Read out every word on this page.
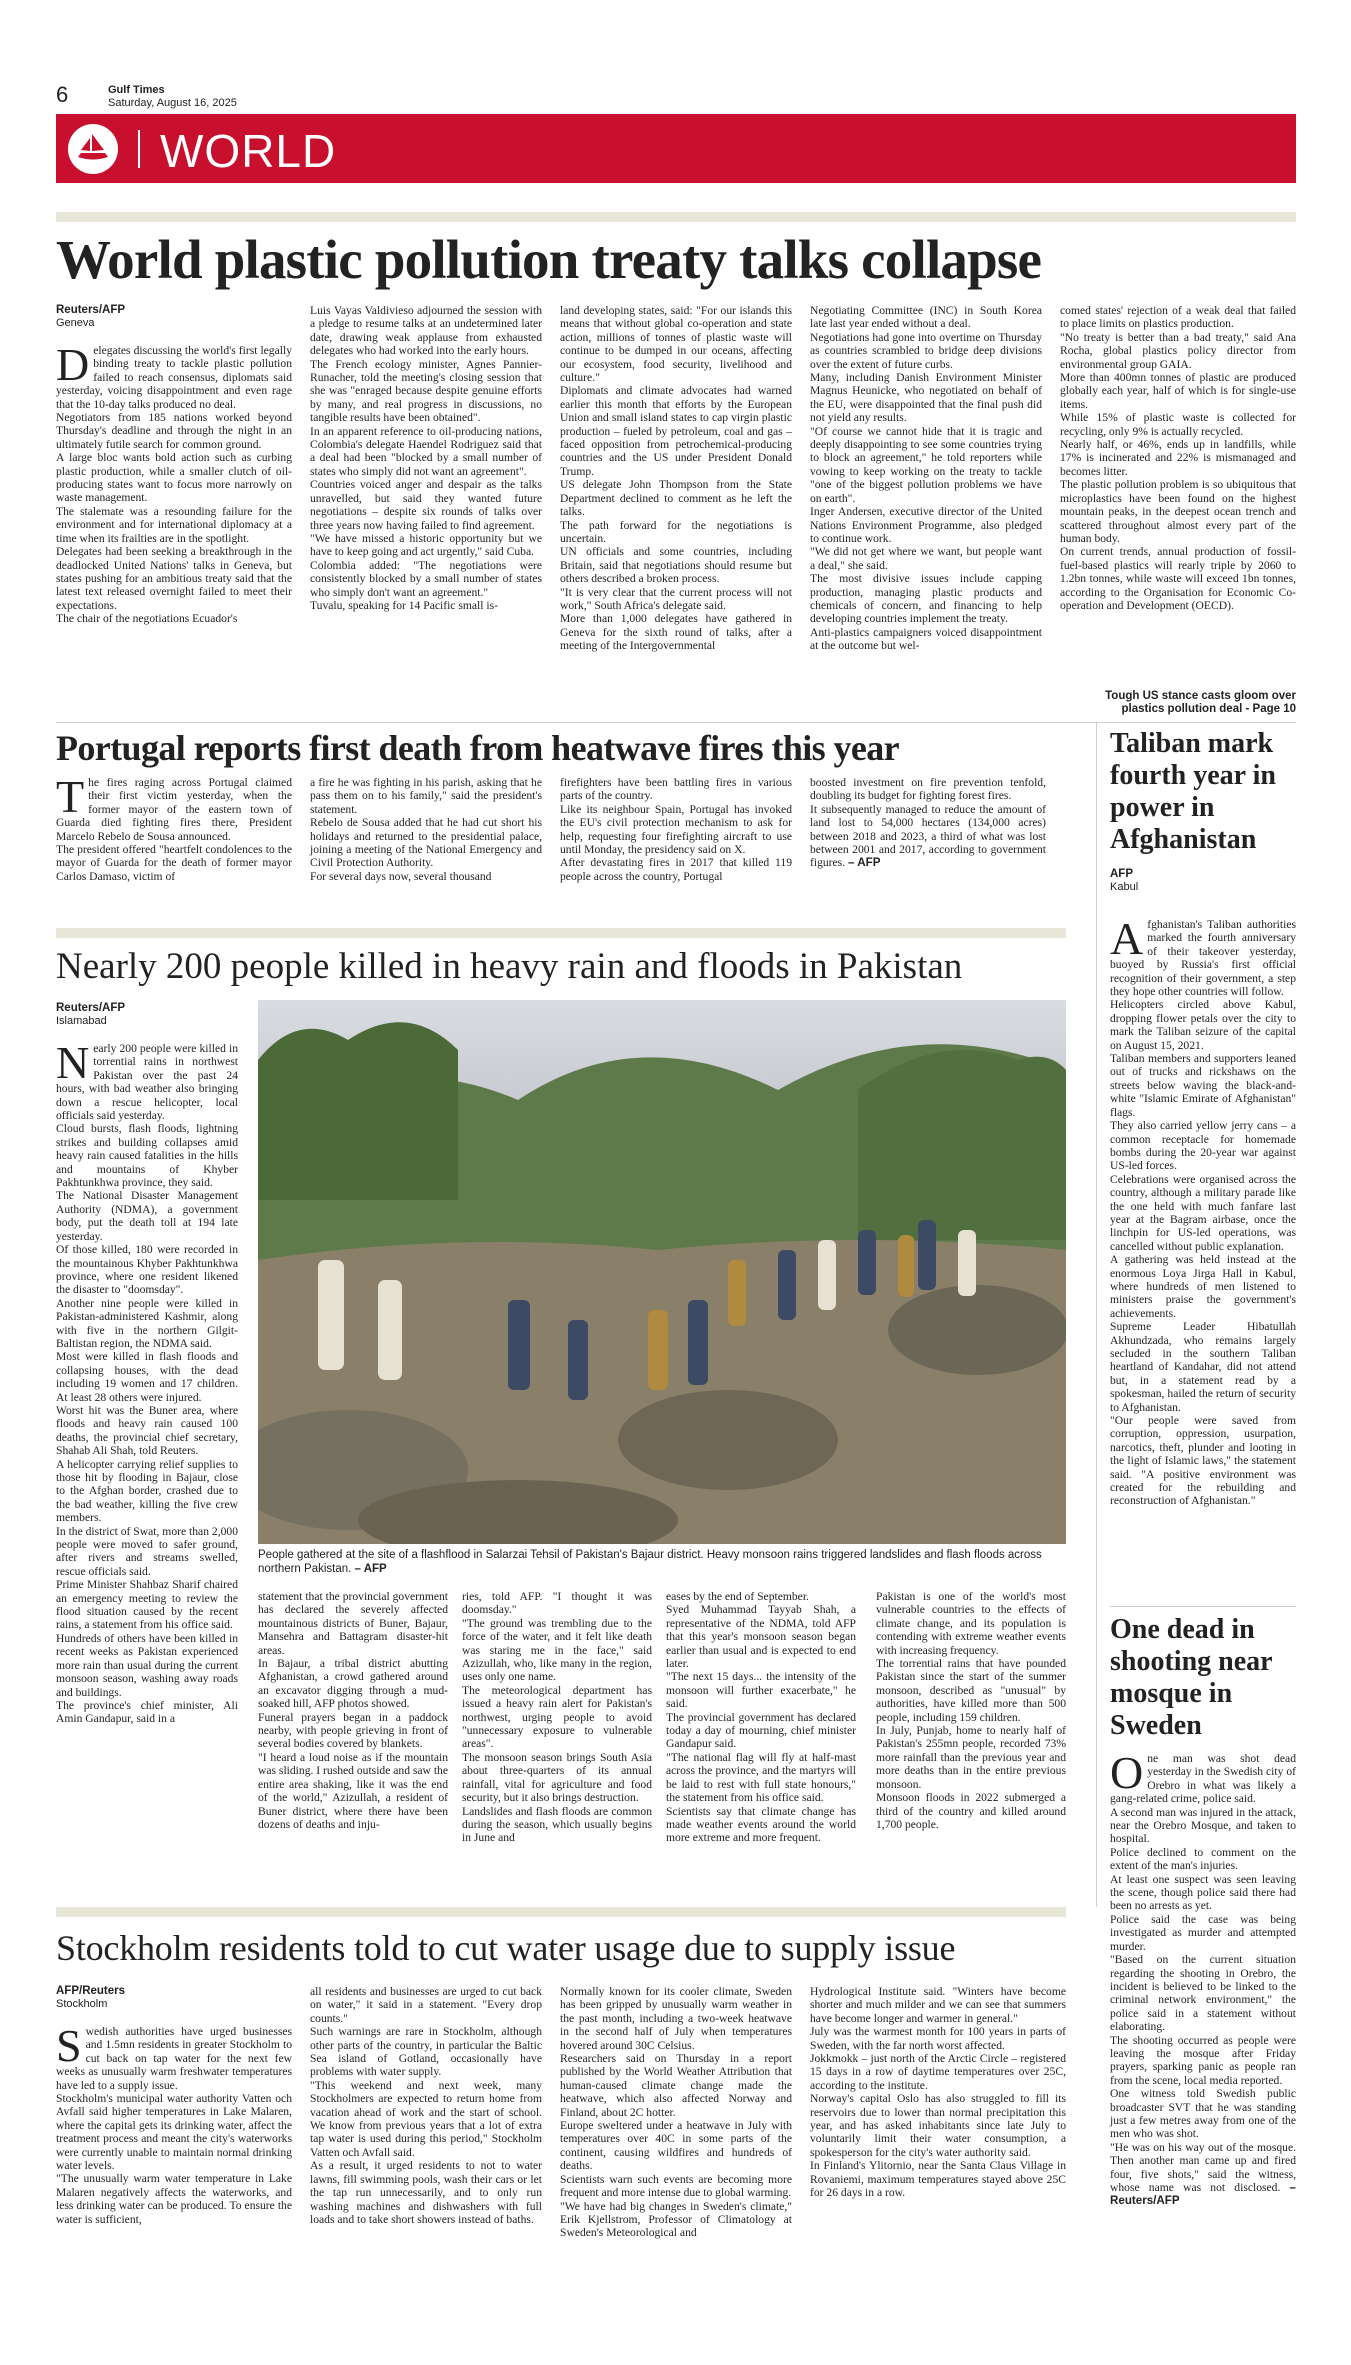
6	Gulf Times
Saturday, August 16, 2025
WORLD
World plastic pollution treaty talks collapse
Reuters/AFP
Geneva
Delegates discussing the world's first legally binding treaty to tackle plastic pollution failed to reach consensus, diplomats said yesterday, voicing disappointment and even rage that the 10-day talks produced no deal.
Negotiators from 185 nations worked beyond Thursday's deadline and through the night in an ultimately futile search for common ground.
A large bloc wants bold action such as curbing plastic production, while a smaller clutch of oil-producing states want to focus more narrowly on waste management.
The stalemate was a resounding failure for the environment and for international diplomacy at a time when its frailties are in the spotlight.
Delegates had been seeking a breakthrough in the deadlocked United Nations' talks in Geneva, but states pushing for an ambitious treaty said that the latest text released overnight failed to meet their expectations.
The chair of the negotiations Ecuador's
Luis Vayas Valdivieso adjourned the session with a pledge to resume talks at an undetermined later date, drawing weak applause from exhausted delegates who had worked into the early hours.
The French ecology minister, Agnes Pannier-Runacher, told the meeting's closing session that she was "enraged because despite genuine efforts by many, and real progress in discussions, no tangible results have been obtained".
In an apparent reference to oil-producing nations, Colombia's delegate Haendel Rodriguez said that a deal had been "blocked by a small number of states who simply did not want an agreement".
Countries voiced anger and despair as the talks unravelled, but said they wanted future negotiations – despite six rounds of talks over three years now having failed to find agreement.
"We have missed a historic opportunity but we have to keep going and act urgently," said Cuba.
Colombia added: "The negotiations were consistently blocked by a small number of states who simply don't want an agreement."
Tuvalu, speaking for 14 Pacific small is-
land developing states, said: "For our islands this means that without global co-operation and state action, millions of tonnes of plastic waste will continue to be dumped in our oceans, affecting our ecosystem, food security, livelihood and culture."
Diplomats and climate advocates had warned earlier this month that efforts by the European Union and small island states to cap virgin plastic production – fueled by petroleum, coal and gas – faced opposition from petrochemical-producing countries and the US under President Donald Trump.
US delegate John Thompson from the State Department declined to comment as he left the talks.
The path forward for the negotiations is uncertain.
UN officials and some countries, including Britain, said that negotiations should resume but others described a broken process.
"It is very clear that the current process will not work," South Africa's delegate said.
More than 1,000 delegates have gathered in Geneva for the sixth round of talks, after a meeting of the Intergovernmental
Negotiating Committee (INC) in South Korea late last year ended without a deal.
Negotiations had gone into overtime on Thursday as countries scrambled to bridge deep divisions over the extent of future curbs.
Many, including Danish Environment Minister Magnus Heunicke, who negotiated on behalf of the EU, were disappointed that the final push did not yield any results.
"Of course we cannot hide that it is tragic and deeply disappointing to see some countries trying to block an agreement," he told reporters while vowing to keep working on the treaty to tackle "one of the biggest pollution problems we have on earth".
Inger Andersen, executive director of the United Nations Environment Programme, also pledged to continue work.
"We did not get where we want, but people want a deal," she said.
The most divisive issues include capping production, managing plastic products and chemicals of concern, and financing to help developing countries implement the treaty.
Anti-plastics campaigners voiced disappointment at the outcome but wel-
comed states' rejection of a weak deal that failed to place limits on plastics production.
"No treaty is better than a bad treaty," said Ana Rocha, global plastics policy director from environmental group GAIA.
More than 400mn tonnes of plastic are produced globally each year, half of which is for single-use items.
While 15% of plastic waste is collected for recycling, only 9% is actually recycled.
Nearly half, or 46%, ends up in landfills, while 17% is incinerated and 22% is mismanaged and becomes litter.
The plastic pollution problem is so ubiquitous that microplastics have been found on the highest mountain peaks, in the deepest ocean trench and scattered throughout almost every part of the human body.
On current trends, annual production of fossil-fuel-based plastics will rearly triple by 2060 to 1.2bn tonnes, while waste will exceed 1bn tonnes, according to the Organisation for Economic Co-operation and Development (OECD).
Tough US stance casts gloom over
plastics pollution deal - Page 10
Portugal reports first death from heatwave fires this year
The fires raging across Portugal claimed their first victim yesterday, when the former mayor of the eastern town of Guarda died fighting fires there, President Marcelo Rebelo de Sousa announced.
The president offered "heartfelt condolences to the mayor of Guarda for the death of former mayor Carlos Damaso, victim of
a fire he was fighting in his parish, asking that he pass them on to his family," said the president's statement.
Rebelo de Sousa added that he had cut short his holidays and returned to the presidential palace, joining a meeting of the National Emergency and Civil Protection Authority.
For several days now, several thousand
firefighters have been battling fires in various parts of the country.
Like its neighbour Spain, Portugal has invoked the EU's civil protection mechanism to ask for help, requesting four firefighting aircraft to use until Monday, the presidency said on X.
After devastating fires in 2017 that killed 119 people across the country, Portugal
boosted investment on fire prevention tenfold, doubling its budget for fighting forest fires.
It subsequently managed to reduce the amount of land lost to 54,000 hectares (134,000 acres) between 2018 and 2023, a third of what was lost between 2001 and 2017, according to government figures. – AFP
Nearly 200 people killed in heavy rain and floods in Pakistan
Reuters/AFP
Islamabad
Nearly 200 people were killed in torrential rains in northwest Pakistan over the past 24 hours, with bad weather also bringing down a rescue helicopter, local officials said yesterday.
Cloud bursts, flash floods, lightning strikes and building collapses amid heavy rain caused fatalities in the hills and mountains of Khyber Pakhtunkhwa province, they said.
The National Disaster Management Authority (NDMA), a government body, put the death toll at 194 late yesterday.
Of those killed, 180 were recorded in the mountainous Khyber Pakhtunkhwa province, where one resident likened the disaster to "doomsday".
Another nine people were killed in Pakistan-administered Kashmir, along with five in the northern Gilgit-Baltistan region, the NDMA said.
Most were killed in flash floods and collapsing houses, with the dead including 19 women and 17 children. At least 28 others were injured.
Worst hit was the Buner area, where floods and heavy rain caused 100 deaths, the provincial chief secretary, Shahab Ali Shah, told Reuters.
A helicopter carrying relief supplies to those hit by flooding in Bajaur, close to the Afghan border, crashed due to the bad weather, killing the five crew members.
In the district of Swat, more than 2,000 people were moved to safer ground, after rivers and streams swelled, rescue officials said.
Prime Minister Shahbaz Sharif chaired an emergency meeting to review the flood situation caused by the recent rains, a statement from his office said.
Hundreds of others have been killed in recent weeks as Pakistan experienced more rain than usual during the current monsoon season, washing away roads and buildings.
The province's chief minister, Ali Amin Gandapur, said in a
People gathered at the site of a flashflood in Salarzai Tehsil of Pakistan's Bajaur district. Heavy monsoon rains triggered landslides and flash floods across northern Pakistan. – AFP
statement that the provincial government has declared the severely affected mountainous districts of Buner, Bajaur, Mansehra and Battagram disaster-hit areas.
In Bajaur, a tribal district abutting Afghanistan, a crowd gathered around an excavator digging through a mud-soaked hill, AFP photos showed.
Funeral prayers began in a paddock nearby, with people grieving in front of several bodies covered by blankets.
"I heard a loud noise as if the mountain was sliding. I rushed outside and saw the entire area shaking, like it was the end of the world," Azizullah, a resident of Buner district, where there have been dozens of deaths and inju-
ries, told AFP. "I thought it was doomsday."
"The ground was trembling due to the force of the water, and it felt like death was staring me in the face," said Azizullah, who, like many in the region, uses only one name.
The meteorological department has issued a heavy rain alert for Pakistan's northwest, urging people to avoid "unnecessary exposure to vulnerable areas".
The monsoon season brings South Asia about three-quarters of its annual rainfall, vital for agriculture and food security, but it also brings destruction.
Landslides and flash floods are common during the season, which usually begins in June and
eases by the end of September.
Syed Muhammad Tayyab Shah, a representative of the NDMA, told AFP that this year's monsoon season began earlier than usual and is expected to end later.
"The next 15 days... the intensity of the monsoon will further exacerbate," he said.
The provincial government has declared today a day of mourning, chief minister Gandapur said.
"The national flag will fly at half-mast across the province, and the martyrs will be laid to rest with full state honours," the statement from his office said.
Scientists say that climate change has made weather events around the world more extreme and more frequent.
Pakistan is one of the world's most vulnerable countries to the effects of climate change, and its population is contending with extreme weather events with increasing frequency.
The torrential rains that have pounded Pakistan since the start of the summer monsoon, described as "unusual" by authorities, have killed more than 500 people, including 159 children.
In July, Punjab, home to nearly half of Pakistan's 255mn people, recorded 73% more rainfall than the previous year and more deaths than in the entire previous monsoon.
Monsoon floods in 2022 submerged a third of the country and killed around 1,700 people.
Stockholm residents told to cut water usage due to supply issue
AFP/Reuters
Stockholm
Swedish authorities have urged businesses and 1.5mn residents in greater Stockholm to cut back on tap water for the next few weeks as unusually warm freshwater temperatures have led to a supply issue.
Stockholm's municipal water authority Vatten och Avfall said higher temperatures in Lake Malaren, where the capital gets its drinking water, affect the treatment process and meant the city's waterworks were currently unable to maintain normal drinking water levels.
"The unusually warm water temperature in Lake Malaren negatively affects the waterworks, and less drinking water can be produced. To ensure the water is sufficient,
all residents and businesses are urged to cut back on water," it said in a statement. "Every drop counts."
Such warnings are rare in Stockholm, although other parts of the country, in particular the Baltic Sea island of Gotland, occasionally have problems with water supply.
"This weekend and next week, many Stockholmers are expected to return home from vacation ahead of work and the start of school. We know from previous years that a lot of extra tap water is used during this period," Stockholm Vatten och Avfall said.
As a result, it urged residents to not to water lawns, fill swimming pools, wash their cars or let the tap run unnecessarily, and to only run washing machines and dishwashers with full loads and to take short showers instead of baths.
Normally known for its cooler climate, Sweden has been gripped by unusually warm weather in the past month, including a two-week heatwave in the second half of July when temperatures hovered around 30C Celsius.
Researchers said on Thursday in a report published by the World Weather Attribution that human-caused climate change made the heatwave, which also affected Norway and Finland, about 2C hotter.
Europe sweltered under a heatwave in July with temperatures over 40C in some parts of the continent, causing wildfires and hundreds of deaths.
Scientists warn such events are becoming more frequent and more intense due to global warming.
"We have had big changes in Sweden's climate," Erik Kjellstrom, Professor of Climatology at Sweden's Meteorological and
Hydrological Institute said. "Winters have become shorter and much milder and we can see that summers have become longer and warmer in general."
July was the warmest month for 100 years in parts of Sweden, with the far north worst affected.
Jokkmokk – just north of the Arctic Circle – registered 15 days in a row of daytime temperatures over 25C, according to the institute.
Norway's capital Oslo has also struggled to fill its reservoirs due to lower than normal precipitation this year, and has asked inhabitants since late July to voluntarily limit their water consumption, a spokesperson for the city's water authority said.
In Finland's Ylitornio, near the Santa Claus Village in Rovaniemi, maximum temperatures stayed above 25C for 26 days in a row.
Taliban mark fourth year in power in Afghanistan
AFP
Kabul
Afghanistan's Taliban authorities marked the fourth anniversary of their takeover yesterday, buoyed by Russia's first official recognition of their government, a step they hope other countries will follow.
Helicopters circled above Kabul, dropping flower petals over the city to mark the Taliban seizure of the capital on August 15, 2021.
Taliban members and supporters leaned out of trucks and rickshaws on the streets below waving the black-and-white "Islamic Emirate of Afghanistan" flags.
They also carried yellow jerry cans – a common receptacle for homemade bombs during the 20-year war against US-led forces.
Celebrations were organised across the country, although a military parade like the one held with much fanfare last year at the Bagram airbase, once the linchpin for US-led operations, was cancelled without public explanation.
A gathering was held instead at the enormous Loya Jirga Hall in Kabul, where hundreds of men listened to ministers praise the government's achievements.
Supreme Leader Hibatullah Akhundzada, who remains largely secluded in the southern Taliban heartland of Kandahar, did not attend but, in a statement read by a spokesman, hailed the return of security to Afghanistan.
"Our people were saved from corruption, oppression, usurpation, narcotics, theft, plunder and looting in the light of Islamic laws," the statement said. "A positive environment was created for the rebuilding and reconstruction of Afghanistan."
One dead in shooting near mosque in Sweden
One man was shot dead yesterday in the Swedish city of Orebro in what was likely a gang-related crime, police said.
A second man was injured in the attack, near the Orebro Mosque, and taken to hospital.
Police declined to comment on the extent of the man's injuries.
At least one suspect was seen leaving the scene, though police said there had been no arrests as yet.
Police said the case was being investigated as murder and attempted murder.
"Based on the current situation regarding the shooting in Orebro, the incident is believed to be linked to the criminal network environment," the police said in a statement without elaborating.
The shooting occurred as people were leaving the mosque after Friday prayers, sparking panic as people ran from the scene, local media reported.
One witness told Swedish public broadcaster SVT that he was standing just a few metres away from one of the men who was shot.
"He was on his way out of the mosque. Then another man came up and fired four, five shots," said the witness, whose name was not disclosed. – Reuters/AFP
